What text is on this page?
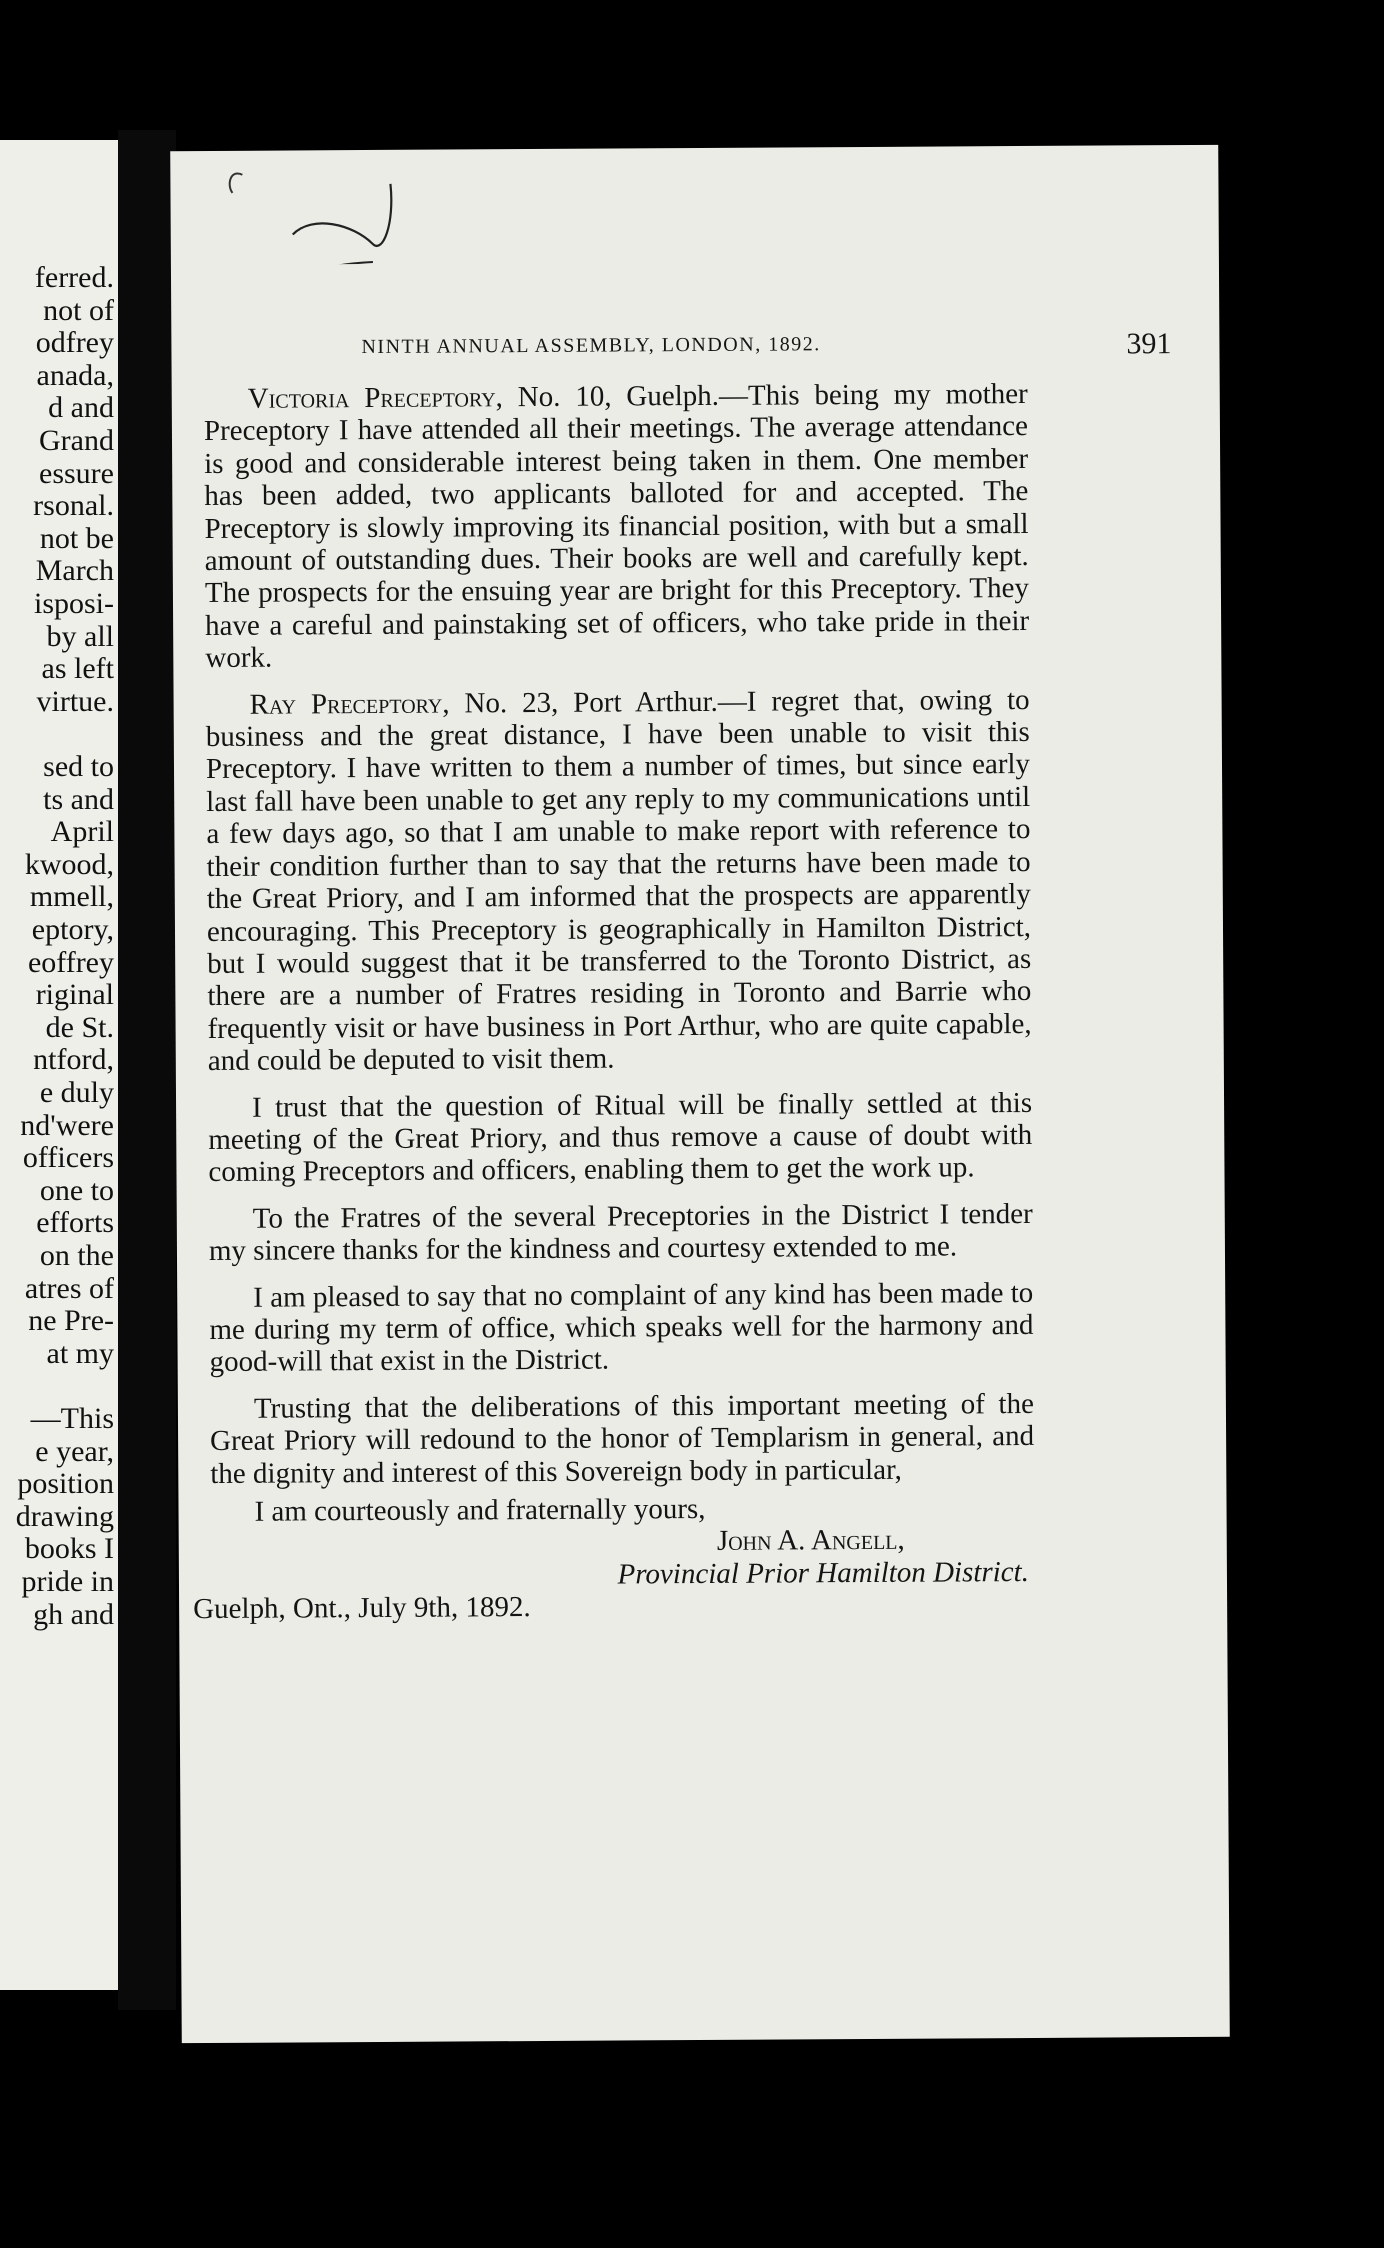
ferred.
not of
odfrey
anada,
d and
Grand
essure
rsonal.
not be
March
isposi-
by all
as left
virtue.
sed to
ts and
April
kwood,
mmell,
eptory,
eoffrey
riginal
de St.
ntford,
e duly
nd'were
officers
one to
efforts
on the
atres of
ne Pre-
at my
—This
e year,
position
drawing
books I
pride in
gh and
NINTH ANNUAL ASSEMBLY, LONDON, 1892.	391

Victoria Preceptory, No. 10, Guelph.—This being my mother Preceptory I have attended all their meetings. The average attendance is good and considerable interest being taken in them. One member has been added, two applicants balloted for and accepted. The Preceptory is slowly improving its financial position, with but a small amount of outstanding dues. Their books are well and carefully kept. The prospects for the ensuing year are bright for this Preceptory. They have a careful and painstaking set of officers, who take pride in their work.

Ray Preceptory, No. 23, Port Arthur.—I regret that, owing to business and the great distance, I have been unable to visit this Preceptory. I have written to them a number of times, but since early last fall have been unable to get any reply to my communications until a few days ago, so that I am unable to make report with reference to their condition further than to say that the returns have been made to the Great Priory, and I am informed that the prospects are apparently encouraging. This Preceptory is geographically in Hamilton District, but I would suggest that it be transferred to the Toronto District, as there are a number of Fratres residing in Toronto and Barrie who frequently visit or have business in Port Arthur, who are quite capable, and could be deputed to visit them.

I trust that the question of Ritual will be finally settled at this meeting of the Great Priory, and thus remove a cause of doubt with coming Preceptors and officers, enabling them to get the work up.

To the Fratres of the several Preceptories in the District I tender my sincere thanks for the kindness and courtesy extended to me.

I am pleased to say that no complaint of any kind has been made to me during my term of office, which speaks well for the harmony and good-will that exist in the District.

Trusting that the deliberations of this important meeting of the Great Priory will redound to the honor of Templarism in general, and the dignity and interest of this Sovereign body in particular,

I am courteously and fraternally yours,
John A. Angell,
Provincial Prior Hamilton District.
Guelph, Ont., July 9th, 1892.
